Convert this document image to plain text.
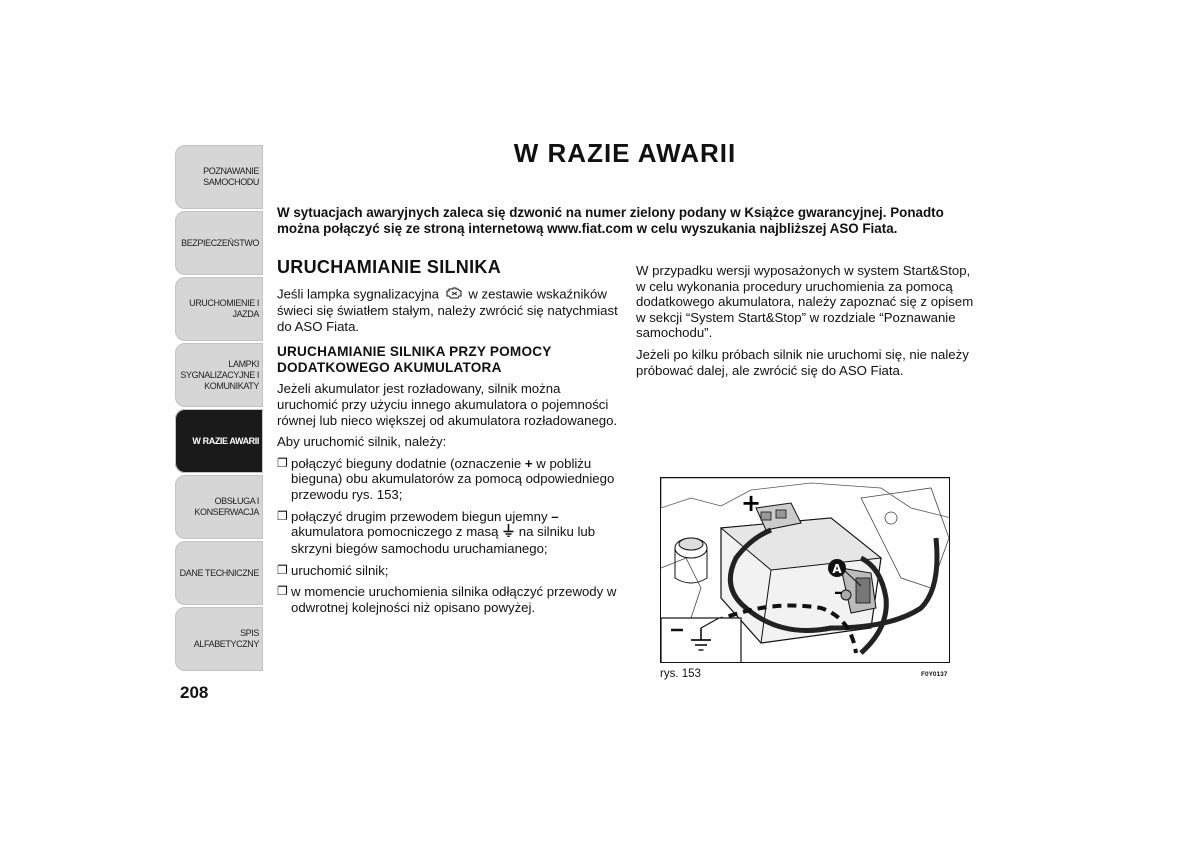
POZNAWANIE
SAMOCHODU
BEZPIECZEŃSTWO
URUCHOMIENIE I
JAZDA
LAMPKI
SYGNALIZACYJNE I
KOMUNIKATY
W RAZIE AWARII
OBSŁUGA I
KONSERWACJA
DANE TECHNICZNE
SPIS ALFABETYCZNY
208
W RAZIE AWARII
W sytuacjach awaryjnych zaleca się dzwonić na numer zielony podany w Książce gwarancyjnej. Ponadto można połączyć się ze stroną internetową www.fiat.com w celu wyszukania najbliższej ASO Fiata.
URUCHAMIANIE SILNIKA

Jeśli lampka sygnalizacyjna w zestawie wskaźników świeci się światłem stałym, należy zwrócić się natychmiast do ASO Fiata.

URUCHAMIANIE SILNIKA PRZY POMOCY DODATKOWEGO AKUMULATORA

Jeżeli akumulator jest rozładowany, silnik można uruchomić przy użyciu innego akumulatora o pojemności równej lub nieco większej od akumulatora rozładowanego.

Aby uruchomić silnik, należy:

❐ połączyć bieguny dodatnie (oznaczenie + w pobliżu bieguna) obu akumulatorów za pomocą odpowiedniego przewodu rys. 153;
❐ połączyć drugim przewodem biegun ujemny – akumulatora pomocniczego z masą na silniku lub skrzyni biegów samochodu uruchamianego;
❐ uruchomić silnik;
❐ w momencie uruchomienia silnika odłączyć przewody w odwrotnej kolejności niż opisano powyżej.

W przypadku wersji wyposażonych w system Start&Stop, w celu wykonania procedury uruchomienia za pomocą dodatkowego akumulatora, należy zapoznać się z opisem w sekcji “System Start&Stop” w rozdziale “Poznawanie samochodu”.

Jeżeli po kilku próbach silnik nie uruchomi się, nie należy próbować dalej, ale zwrócić się do ASO Fiata.

+
–
A
rys. 153	F0Y0137
